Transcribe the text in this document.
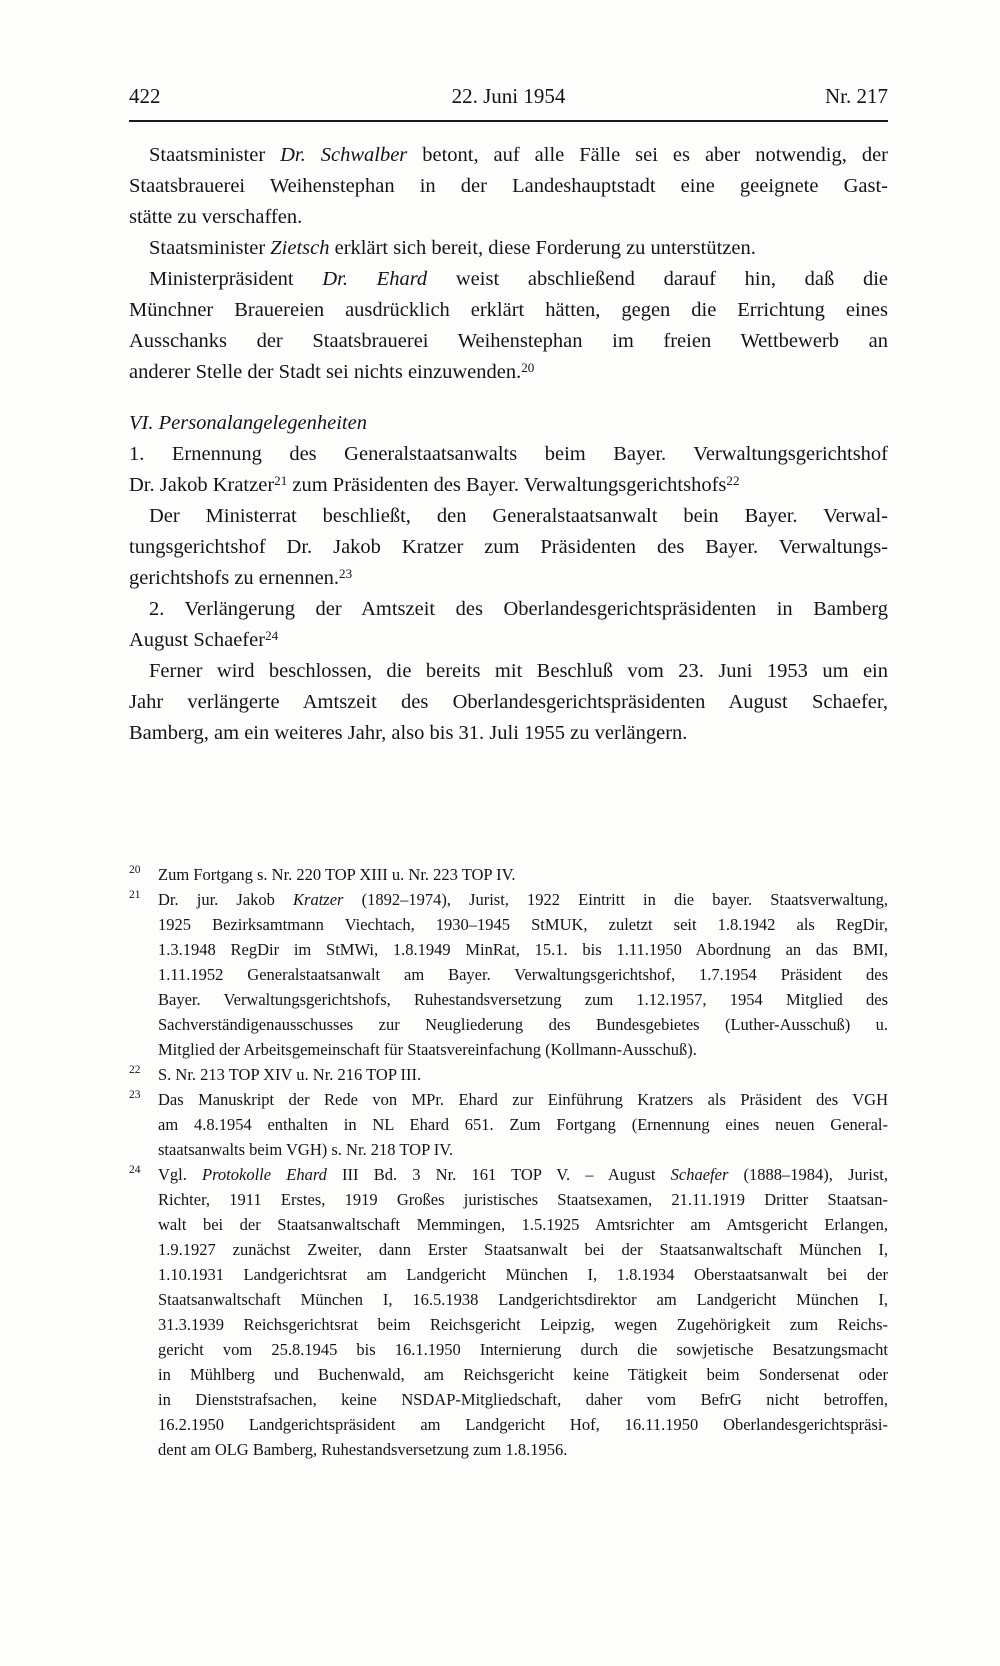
422	22. Juni 1954	Nr. 217
Staatsminister Dr. Schwalber betont, auf alle Fälle sei es aber notwendig, der
Staatsbrauerei Weihenstephan in der Landeshauptstadt eine geeignete Gast-
stätte zu verschaffen.
Staatsminister Zietsch erklärt sich bereit, diese Forderung zu unterstützen.
Ministerpräsident Dr. Ehard weist abschließend darauf hin, daß die
Münchner Brauereien ausdrücklich erklärt hätten, gegen die Errichtung eines
Ausschanks der Staatsbrauerei Weihenstephan im freien Wettbewerb an
anderer Stelle der Stadt sei nichts einzuwenden.$^{20}$
VI. Personalangelegenheiten
1. Ernennung des Generalstaatsanwalts beim Bayer. Verwaltungsgerichtshof
Dr. Jakob Kratzer$^{21}$ zum Präsidenten des Bayer. Verwaltungsgerichtshofs$^{22}$
Der Ministerrat beschließt, den Generalstaatsanwalt bein Bayer. Verwal-
tungsgerichtshof Dr. Jakob Kratzer zum Präsidenten des Bayer. Verwaltungs-
gerichtshofs zu ernennen.$^{23}$
2. Verlängerung der Amtszeit des Oberlandesgerichtspräsidenten in Bamberg
August Schaefer$^{24}$
Ferner wird beschlossen, die bereits mit Beschluß vom 23. Juni 1953 um ein
Jahr verlängerte Amtszeit des Oberlandesgerichtspräsidenten August Schaefer,
Bamberg, am ein weiteres Jahr, also bis 31. Juli 1955 zu verlängern.
20 Zum Fortgang s. Nr. 220 TOP XIII u. Nr. 223 TOP IV.
21 Dr. jur. Jakob Kratzer (1892–1974), Jurist, 1922 Eintritt in die bayer. Staatsverwaltung,
1925 Bezirksamtmann Viechtach, 1930–1945 StMUK, zuletzt seit 1.8.1942 als RegDir,
1.3.1948 RegDir im StMWi, 1.8.1949 MinRat, 15.1. bis 1.11.1950 Abordnung an das BMI,
1.11.1952 Generalstaatsanwalt am Bayer. Verwaltungsgerichtshof, 1.7.1954 Präsident des
Bayer. Verwaltungsgerichtshofs, Ruhestandsversetzung zum 1.12.1957, 1954 Mitglied des
Sachverständigenausschusses zur Neugliederung des Bundesgebietes (Luther-Ausschuß) u.
Mitglied der Arbeitsgemeinschaft für Staatsvereinfachung (Kollmann-Ausschuß).
22 S. Nr. 213 TOP XIV u. Nr. 216 TOP III.
23 Das Manuskript der Rede von MPr. Ehard zur Einführung Kratzers als Präsident des VGH
am 4.8.1954 enthalten in NL Ehard 651. Zum Fortgang (Ernennung eines neuen General-
staatsanwalts beim VGH) s. Nr. 218 TOP IV.
24 Vgl. Protokolle Ehard III Bd. 3 Nr. 161 TOP V. – August Schaefer (1888–1984), Jurist,
Richter, 1911 Erstes, 1919 Großes juristisches Staatsexamen, 21.11.1919 Dritter Staatsan-
walt bei der Staatsanwaltschaft Memmingen, 1.5.1925 Amtsrichter am Amtsgericht Erlangen,
1.9.1927 zunächst Zweiter, dann Erster Staatsanwalt bei der Staatsanwaltschaft München I,
1.10.1931 Landgerichtsrat am Landgericht München I, 1.8.1934 Oberstaatsanwalt bei der
Staatsanwaltschaft München I, 16.5.1938 Landgerichtsdirektor am Landgericht München I,
31.3.1939 Reichsgerichtsrat beim Reichsgericht Leipzig, wegen Zugehörigkeit zum Reichs-
gericht vom 25.8.1945 bis 16.1.1950 Internierung durch die sowjetische Besatzungsmacht
in Mühlberg und Buchenwald, am Reichsgericht keine Tätigkeit beim Sondersenat oder
in Dienststrafsachen, keine NSDAP-Mitgliedschaft, daher vom BefrG nicht betroffen,
16.2.1950 Landgerichtspräsident am Landgericht Hof, 16.11.1950 Oberlandesgerichtspräsi-
dent am OLG Bamberg, Ruhestandsversetzung zum 1.8.1956.
